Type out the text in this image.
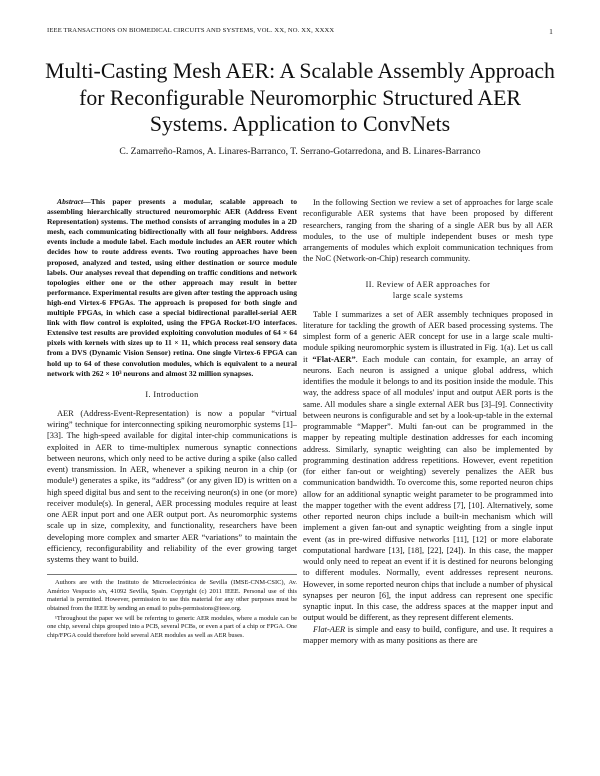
IEEE TRANSACTIONS ON BIOMEDICAL CIRCUITS AND SYSTEMS, VOL. XX, NO. XX, XXXX	1
Multi-Casting Mesh AER: A Scalable Assembly Approach for Reconfigurable Neuromorphic Structured AER Systems. Application to ConvNets
C. Zamarreño-Ramos, A. Linares-Barranco, T. Serrano-Gotarredona, and B. Linares-Barranco

Abstract—This paper presents a modular, scalable approach to assembling hierarchically structured neuromorphic AER (Address Event Representation) systems. The method consists of arranging modules in a 2D mesh, each communicating bidirectionally with all four neighbors. Address events include a module label. Each module includes an AER router which decides how to route address events. Two routing approaches have been proposed, analyzed and tested, using either destination or source module labels. Our analyses reveal that depending on traffic conditions and network topologies either one or the other approach may result in better performance. Experimental results are given after testing the approach using high-end Virtex-6 FPGAs. The approach is proposed for both single and multiple FPGAs, in which case a special bidirectional parallel-serial AER link with flow control is exploited, using the FPGA Rocket-I/O interfaces. Extensive test results are provided exploiting convolution modules of 64 × 64 pixels with kernels with sizes up to 11 × 11, which process real sensory data from a DVS (Dynamic Vision Sensor) retina. One single Virtex-6 FPGA can hold up to 64 of these convolution modules, which is equivalent to a neural network with 262 × 10³ neurons and almost 32 million synapses.

I. Introduction

AER (Address-Event-Representation) is now a popular “virtual wiring” technique for interconnecting spiking neuromorphic systems [1]–[33]. The high-speed available for digital inter-chip communications is exploited in AER to time-multiplex numerous synaptic connections between neurons, which only need to be active during a spike (also called event) transmission. In AER, whenever a spiking neuron in a chip (or module¹) generates a spike, its “address” (or any given ID) is written on a high speed digital bus and sent to the receiving neuron(s) in one (or more) receiver module(s). In general, AER processing modules require at least one AER input port and one AER output port. As neuromorphic systems scale up in size, complexity, and functionality, researchers have been developing more complex and smarter AER “variations” to maintain the efficiency, reconfigurability and reliability of the ever growing target systems they want to build.

Authors are with the Instituto de Microelectrónica de Sevilla (IMSE-CNM-CSIC), Av. Américo Vespucio s/n, 41092 Sevilla, Spain. Copyright (c) 2011 IEEE. Personal use of this material is permitted. However, permission to use this material for any other purposes must be obtained from the IEEE by sending an email to pubs-permissions@ieee.org.

¹Throughout the paper we will be referring to generic AER modules, where a module can be one chip, several chips grouped into a PCB, several PCBs, or even a part of a chip or FPGA. One chip/FPGA could therefore hold several AER modules as well as AER buses.

In the following Section we review a set of approaches for large scale reconfigurable AER systems that have been proposed by different researchers, ranging from the sharing of a single AER bus by all AER modules, to the use of multiple independent buses or mesh type arrangements of modules which exploit communication techniques from the NoC (Network-on-Chip) research community.

II. Review of AER approaches for
large scale systems

Table I summarizes a set of AER assembly techniques proposed in literature for tackling the growth of AER based processing systems. The simplest form of a generic AER concept for use in a large scale multi-module spiking neuromorphic system is illustrated in Fig. 1(a). Let us call it “Flat-AER”. Each module can contain, for example, an array of neurons. Each neuron is assigned a unique global address, which identifies the module it belongs to and its position inside the module. This way, the address space of all modules' input and output AER ports is the same. All modules share a single external AER bus [3]–[9]. Connectivity between neurons is configurable and set by a look-up-table in the external programmable “Mapper”. Multi fan-out can be programmed in the mapper by repeating multiple destination addresses for each incoming address. Similarly, synaptic weighting can also be implemented by programming destination address repetitions. However, event repetition (for either fan-out or weighting) severely penalizes the AER bus communication bandwidth. To overcome this, some reported neuron chips allow for an additional synaptic weight parameter to be programmed into the mapper together with the event address [7], [10]. Alternatively, some other reported neuron chips include a built-in mechanism which will implement a given fan-out and synaptic weighting from a single input event (as in pre-wired diffusive networks [11], [12] or more elaborate computational hardware [13], [18], [22], [24]). In this case, the mapper would only need to repeat an event if it is destined for neurons belonging to different modules. Normally, event addresses represent neurons. However, in some reported neuron chips that include a number of physical synapses per neuron [6], the input address can represent one specific synaptic input. In this case, the address spaces at the mapper input and output would be different, as they represent different elements.

Flat-AER is simple and easy to build, configure, and use. It requires a mapper memory with as many positions as there are
